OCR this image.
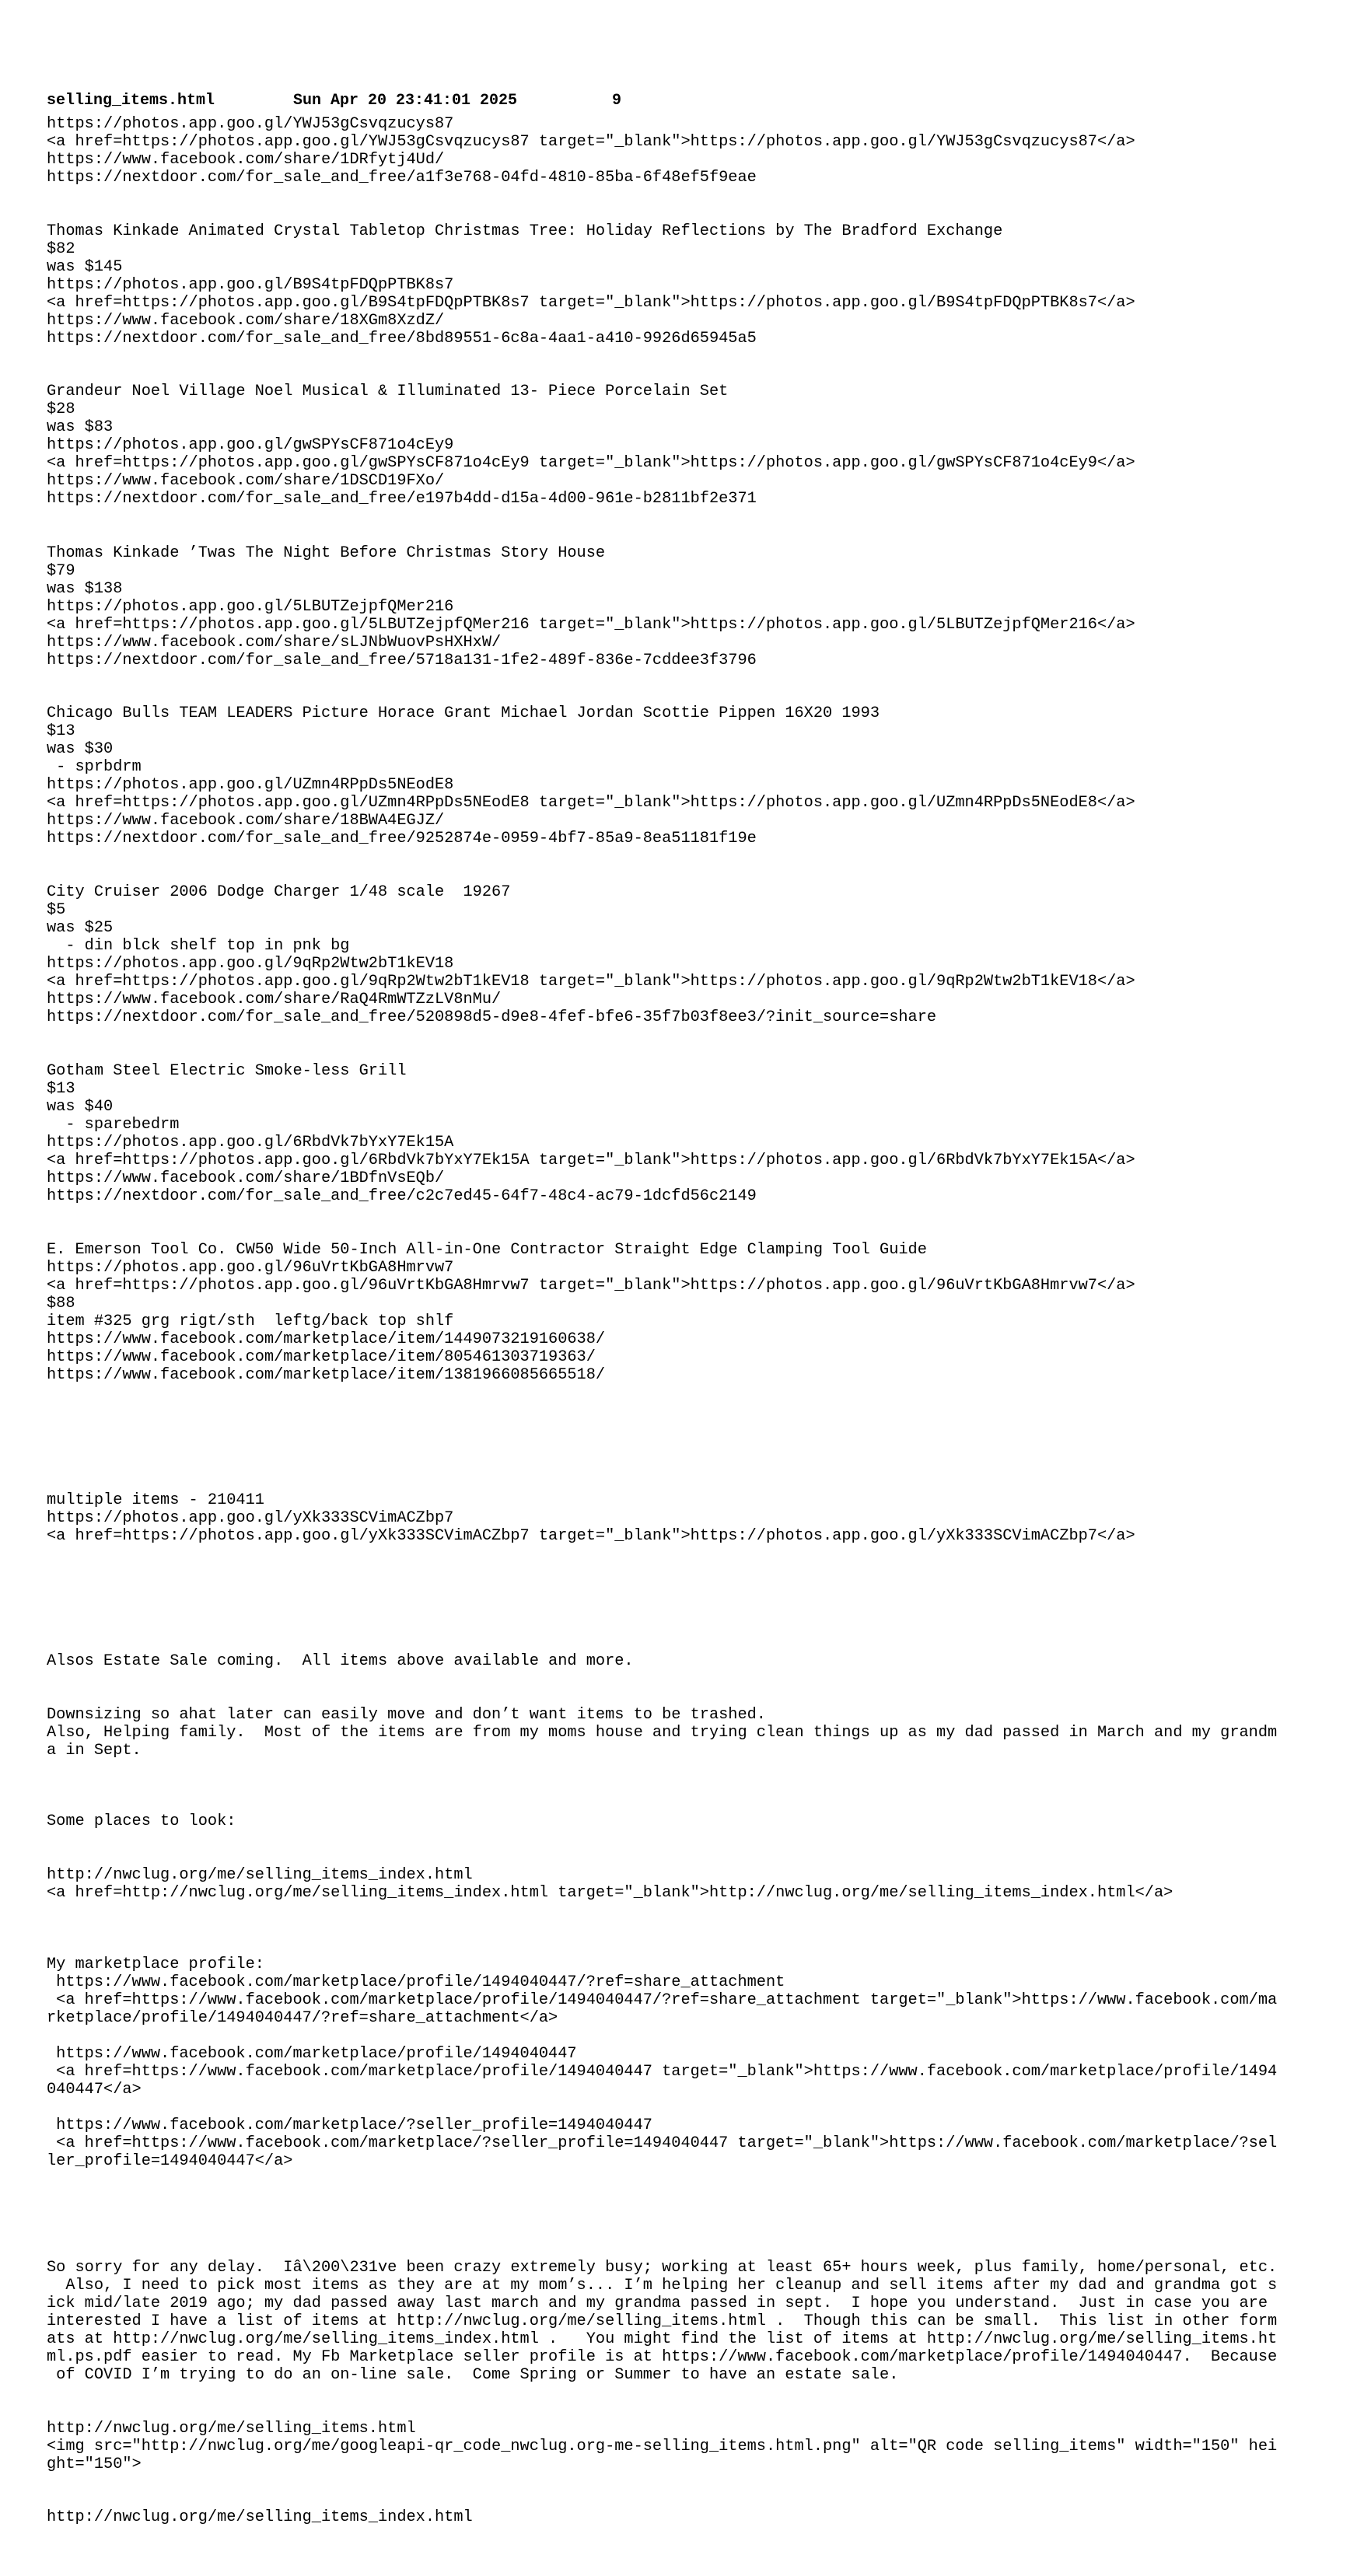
selling_items.html	Sun Apr 20 23:41:01 2025	9
https://photos.app.goo.gl/YWJ53gCsvqzucys87
<a href=https://photos.app.goo.gl/YWJ53gCsvqzucys87 target="_blank">https://photos.app.goo.gl/YWJ53gCsvqzucys87</a>
https://www.facebook.com/share/1DRfytj4Ud/
https://nextdoor.com/for_sale_and_free/a1f3e768-04fd-4810-85ba-6f48ef5f9eae
Thomas Kinkade Animated Crystal Tabletop Christmas Tree: Holiday Reflections by The Bradford Exchange
$82
was $145
https://photos.app.goo.gl/B9S4tpFDQpPTBK8s7
<a href=https://photos.app.goo.gl/B9S4tpFDQpPTBK8s7 target="_blank">https://photos.app.goo.gl/B9S4tpFDQpPTBK8s7</a>
https://www.facebook.com/share/18XGm8XzdZ/
https://nextdoor.com/for_sale_and_free/8bd89551-6c8a-4aa1-a410-9926d65945a5
Grandeur Noel Village Noel Musical & Illuminated 13- Piece Porcelain Set
$28
was $83
https://photos.app.goo.gl/gwSPYsCF871o4cEy9
<a href=https://photos.app.goo.gl/gwSPYsCF871o4cEy9 target="_blank">https://photos.app.goo.gl/gwSPYsCF871o4cEy9</a>
https://www.facebook.com/share/1DSCD19FXo/
https://nextdoor.com/for_sale_and_free/e197b4dd-d15a-4d00-961e-b2811bf2e371
Thomas Kinkade ’Twas The Night Before Christmas Story House
$79
was $138
https://photos.app.goo.gl/5LBUTZejpfQMer216
<a href=https://photos.app.goo.gl/5LBUTZejpfQMer216 target="_blank">https://photos.app.goo.gl/5LBUTZejpfQMer216</a>
https://www.facebook.com/share/sLJNbWuovPsHXHxW/
https://nextdoor.com/for_sale_and_free/5718a131-1fe2-489f-836e-7cddee3f3796
Chicago Bulls TEAM LEADERS Picture Horace Grant Michael Jordan Scottie Pippen 16X20 1993
$13
was $30
- sprbdrm
https://photos.app.goo.gl/UZmn4RPpDs5NEodE8
<a href=https://photos.app.goo.gl/UZmn4RPpDs5NEodE8 target="_blank">https://photos.app.goo.gl/UZmn4RPpDs5NEodE8</a>
https://www.facebook.com/share/18BWA4EGJZ/
https://nextdoor.com/for_sale_and_free/9252874e-0959-4bf7-85a9-8ea51181f19e
City Cruiser 2006 Dodge Charger 1/48 scale  19267
$5
was $25
- din blck shelf top in pnk bg
https://photos.app.goo.gl/9qRp2Wtw2bT1kEV18
<a href=https://photos.app.goo.gl/9qRp2Wtw2bT1kEV18 target="_blank">https://photos.app.goo.gl/9qRp2Wtw2bT1kEV18</a>
https://www.facebook.com/share/RaQ4RmWTZzLV8nMu/
https://nextdoor.com/for_sale_and_free/520898d5-d9e8-4fef-bfe6-35f7b03f8ee3/?init_source=share
Gotham Steel Electric Smoke-less Grill
$13
was $40
- sparebedrm
https://photos.app.goo.gl/6RbdVk7bYxY7Ek15A
<a href=https://photos.app.goo.gl/6RbdVk7bYxY7Ek15A target="_blank">https://photos.app.goo.gl/6RbdVk7bYxY7Ek15A</a>
https://www.facebook.com/share/1BDfnVsEQb/
https://nextdoor.com/for_sale_and_free/c2c7ed45-64f7-48c4-ac79-1dcfd56c2149
E. Emerson Tool Co. CW50 Wide 50-Inch All-in-One Contractor Straight Edge Clamping Tool Guide
https://photos.app.goo.gl/96uVrtKbGA8Hmrvw7
<a href=https://photos.app.goo.gl/96uVrtKbGA8Hmrvw7 target="_blank">https://photos.app.goo.gl/96uVrtKbGA8Hmrvw7</a>
$88
item #325 grg rigt/sth  leftg/back top shlf
https://www.facebook.com/marketplace/item/1449073219160638/
https://www.facebook.com/marketplace/item/805461303719363/
https://www.facebook.com/marketplace/item/1381966085665518/
multiple items - 210411
https://photos.app.goo.gl/yXk333SCVimACZbp7
<a href=https://photos.app.goo.gl/yXk333SCVimACZbp7 target="_blank">https://photos.app.goo.gl/yXk333SCVimACZbp7</a>
Alsos Estate Sale coming.  All items above available and more.
Downsizing so ahat later can easily move and don’t want items to be trashed.
Also, Helping family.  Most of the items are from my moms house and trying clean things up as my dad passed in March and my grandm
a in Sept.
Some places to look:
http://nwclug.org/me/selling_items_index.html
<a href=http://nwclug.org/me/selling_items_index.html target="_blank">http://nwclug.org/me/selling_items_index.html</a>
My marketplace profile:
https://www.facebook.com/marketplace/profile/1494040447/?ref=share_attachment
<a href=https://www.facebook.com/marketplace/profile/1494040447/?ref=share_attachment target="_blank">https://www.facebook.com/ma
rketplace/profile/1494040447/?ref=share_attachment</a>
https://www.facebook.com/marketplace/profile/1494040447
<a href=https://www.facebook.com/marketplace/profile/1494040447 target="_blank">https://www.facebook.com/marketplace/profile/1494
040447</a>
https://www.facebook.com/marketplace/?seller_profile=1494040447
<a href=https://www.facebook.com/marketplace/?seller_profile=1494040447 target="_blank">https://www.facebook.com/marketplace/?sel
ler_profile=1494040447</a>
So sorry for any delay.  Iâ\200\231ve been crazy extremely busy; working at least 65+ hours week, plus family, home/personal, etc.
Also, I need to pick most items as they are at my mom’s... I’m helping her cleanup and sell items after my dad and grandma got s
ick mid/late 2019 ago; my dad passed away last march and my grandma passed in sept.  I hope you understand.  Just in case you are
interested I have a list of items at http://nwclug.org/me/selling_items.html .  Though this can be small.  This list in other form
ats at http://nwclug.org/me/selling_items_index.html .   You might find the list of items at http://nwclug.org/me/selling_items.ht
ml.ps.pdf easier to read. My Fb Marketplace seller profile is at https://www.facebook.com/marketplace/profile/1494040447.  Because
of COVID I’m trying to do an on-line sale.  Come Spring or Summer to have an estate sale.
http://nwclug.org/me/selling_items.html
<img src="http://nwclug.org/me/googleapi-qr_code_nwclug.org-me-selling_items.html.png" alt="QR code selling_items" width="150" hei
ght="150">
http://nwclug.org/me/selling_items_index.html
